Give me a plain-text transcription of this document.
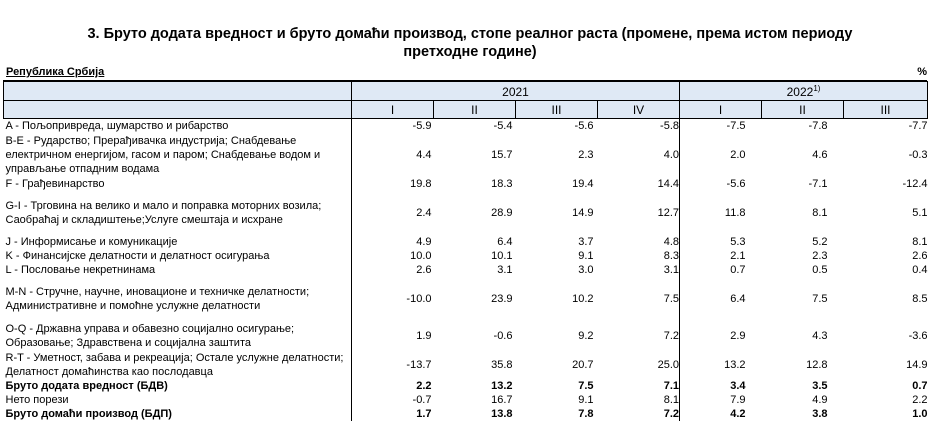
3. Бруто додата вредност и бруто домаћи производ, стопе реалног раста (промене, према истом периоду
претходне године)
Република Србија	%
	2021				2022$^{1)}$
	I	II	III	IV	I	II	III
A - Пољопривреда, шумарство и рибарство	-5.9	-5.4	-5.6	-5.8	-7.5	-7.8	-7.7
B-E - Рударство; Прерађивачка индустрија; Снабдевање електричном енергијом, гасом и паром; Снабдевање водом и управљање отпадним водама	4.4	15.7	2.3	4.0	2.0	4.6	-0.3
F - Грађевинарство	19.8	18.3	19.4	14.4	-5.6	-7.1	-12.4
G-I - Трговина на велико и мало и поправка моторних возила; Саобраћај и складиштење;Услуге смештаја и исхране	2.4	28.9	14.9	12.7	11.8	8.1	5.1
J - Информисање и комуникације	4.9	6.4	3.7	4.8	5.3	5.2	8.1
K - Финансијске делатности и делатност осигурања	10.0	10.1	9.1	8.3	2.1	2.3	2.6
L - Пословање некретнинама	2.6	3.1	3.0	3.1	0.7	0.5	0.4
M-N - Стручне, научне, иновационе и техничке делатности; Административне и помоћне услужне делатности	-10.0	23.9	10.2	7.5	6.4	7.5	8.5
O-Q - Државна управа и обавезно социјално осигурање; Образовање; Здравствена и социјална заштита	1.9	-0.6	9.2	7.2	2.9	4.3	-3.6
R-T - Уметност, забава и рекреација; Остале услужне делатности; Делатност домаћинства као послодавца	-13.7	35.8	20.7	25.0	13.2	12.8	14.9
Бруто додата вредност (БДВ)	2.2	13.2	7.5	7.1	3.4	3.5	0.7
Нето порези	-0.7	16.7	9.1	8.1	7.9	4.9	2.2
Бруто домаћи производ (БДП)	1.7	13.8	7.8	7.2	4.2	3.8	1.0
